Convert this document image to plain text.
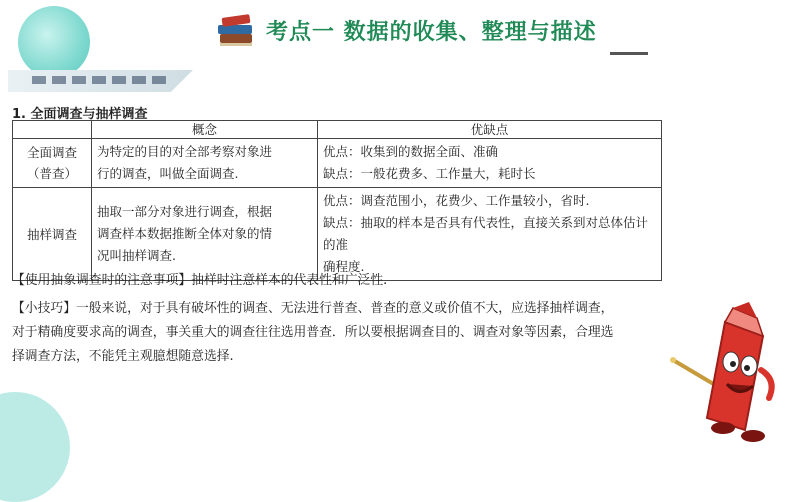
考点一 数据的收集、整理与描述
1. 全面调查与抽样调查
	概念	优缺点

全面调查
（普查）	为特定的目的对全部考察对象进
行的调查，叫做全面调查.	优点：收集到的数据全面、准确
缺点：一般花费多、工作量大，耗时长

抽样调查	抽取一部分对象进行调查，根据
调查样本数据推断全体对象的情
况叫抽样调查.	优点：调查范围小，花费少、工作量较小，省时.
缺点：抽取的样本是否具有代表性，直接关系到对总体估计的准
确程度.
【使用抽象调查时的注意事项】抽样时注意样本的代表性和广泛性.
【小技巧】一般来说，对于具有破坏性的调查、无法进行普查、普查的意义或价值不大，应选择抽样调查，
对于精确度要求高的调查，事关重大的调查往往选用普查．所以要根据调查目的、调查对象等因素，合理选
择调查方法，不能凭主观臆想随意选择.
